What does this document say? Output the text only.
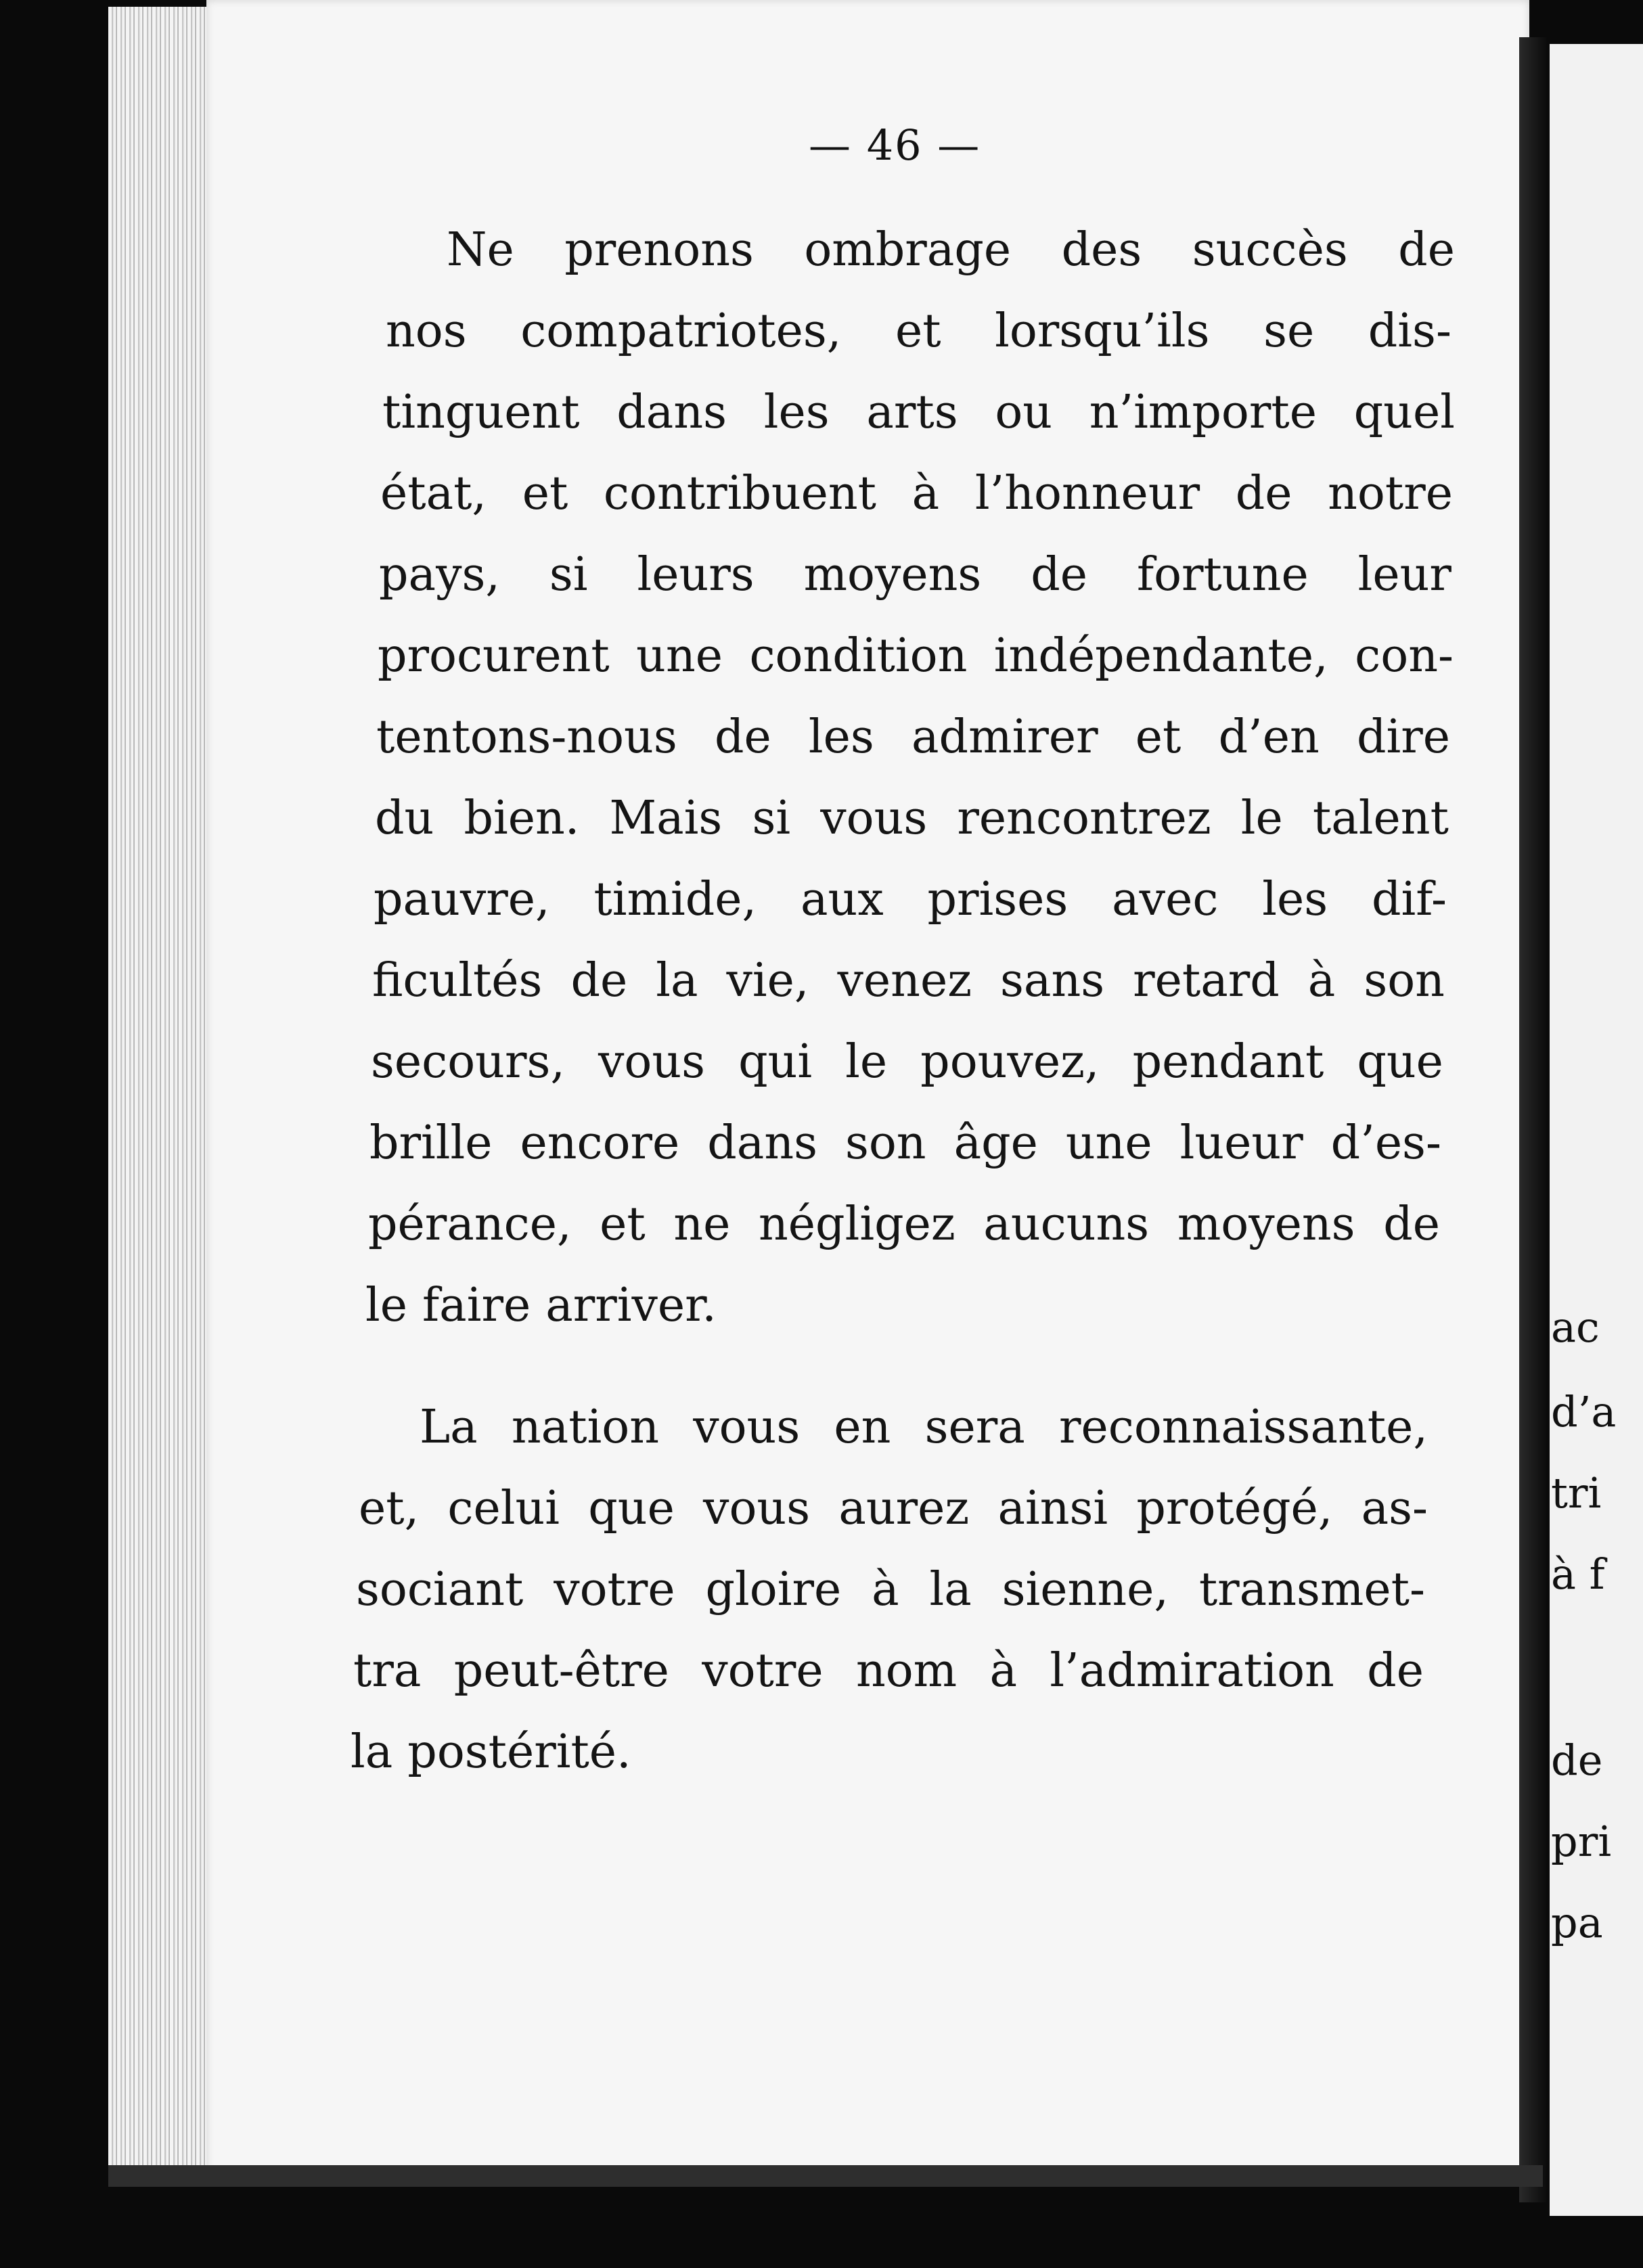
ac
d’a
tri
à f
de
pri
pa
— 46 —
Ne prenons ombrage des succès de
nos compatriotes, et lorsqu’ils se dis-
tinguent dans les arts ou n’importe quel
état, et contribuent à l’honneur de notre
pays, si leurs moyens de fortune leur
procurent une condition indépendante, con-
tentons-nous de les admirer et d’en dire
du bien. Mais si vous rencontrez le talent
pauvre, timide, aux prises avec les dif-
ficultés de la vie, venez sans retard à son
secours, vous qui le pouvez, pendant que
brille encore dans son âge une lueur d’es-
pérance, et ne négligez aucuns moyens de
le faire arriver.
La nation vous en sera reconnaissante,
et, celui que vous aurez ainsi protégé, as-
sociant votre gloire à la sienne, transmet-
tra peut-être votre nom à l’admiration de
la postérité.
